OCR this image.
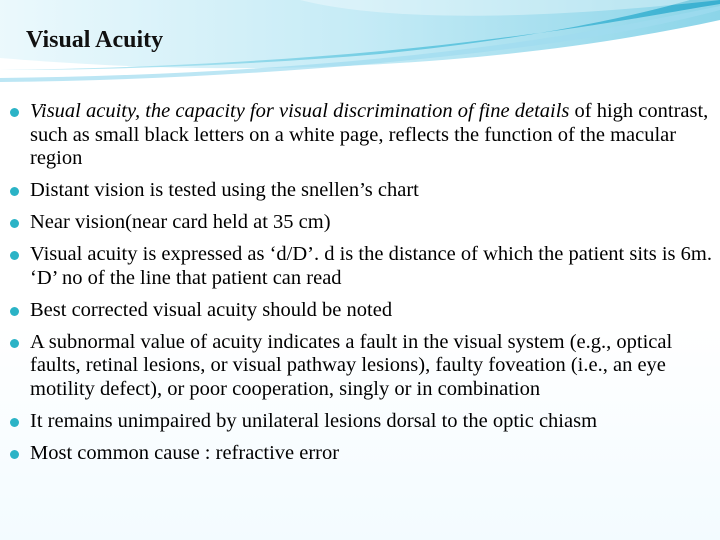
Visual Acuity
Visual acuity, the capacity for visual discrimination of fine details of high contrast, such as small black letters on a white page, reflects the function of the macular region
Distant vision is tested using the snellen’s chart
Near vision(near card held at 35 cm)
Visual acuity is expressed as ‘d/D’. d is the distance of which the patient sits is 6m. ‘D’ no of the line that patient can read
Best corrected visual acuity should be noted
A subnormal value of acuity indicates a fault in the visual system (e.g., optical faults, retinal lesions, or visual pathway lesions), faulty foveation (i.e., an eye motility defect), or poor cooperation, singly or in combination
It remains unimpaired by unilateral lesions dorsal to the optic chiasm
Most common cause : refractive error
